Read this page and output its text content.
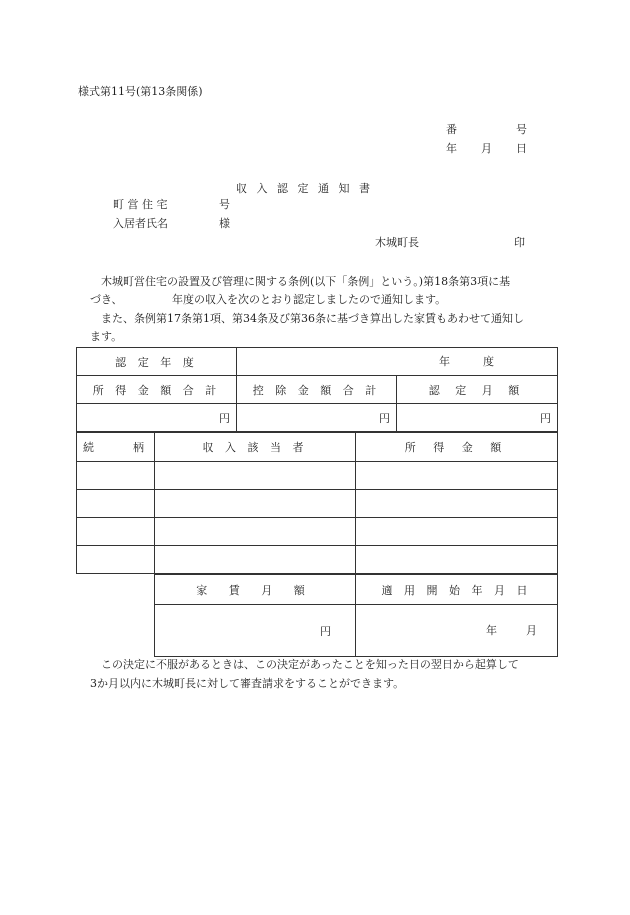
様式第11号(第13条関係)
番	号
年 月 日
収 入 認 定 通 知 書
町 営 住 宅	号
入居者氏名	様
木城町長	印
木城町営住宅の設置及び管理に関する条例(以下「条例」という。)第18条第3項に基
づき、　　　　　年度の収入を次のとおり認定しましたので通知します。
また、条例第17条第1項、第34条及び第36条に基づき算出した家賃もあわせて通知し
ます。
認 定 年 度	年 度	

所 得 金 額 合 計	控 除 金 額 合 計	認 定 月 額
円	円	円
続 柄	収 入 該 当 者	所 得 金 額

家 賃 月 額	適 用 開 始 年 月 日
円	年 月
この決定に不服があるときは、この決定があったことを知った日の翌日から起算して
3か月以内に木城町長に対して審査請求をすることができます。
